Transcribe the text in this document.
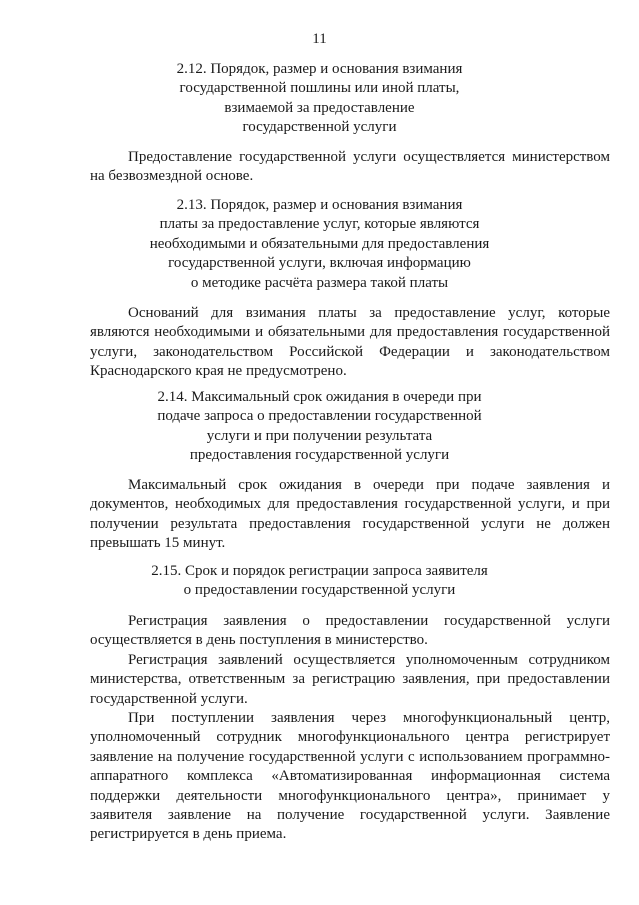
11
2.12. Порядок, размер и основания взимания
государственной пошлины или иной платы,
взимаемой за предоставление
государственной услуги

Предоставление государственной услуги осуществляется министерством на безвозмездной основе.

2.13. Порядок, размер и основания взимания
платы за предоставление услуг, которые являются
необходимыми и обязательными для предоставления
государственной услуги, включая информацию
о методике расчёта размера такой платы

Оснований для взимания платы за предоставление услуг, которые являются необходимыми и обязательными для предоставления государственной услуги, законодательством Российской Федерации и законодательством Краснодарского края не предусмотрено.

2.14. Максимальный срок ожидания в очереди при
подаче запроса о предоставлении государственной
услуги и при получении результата
предоставления государственной услуги

Максимальный срок ожидания в очереди при подаче заявления и документов, необходимых для предоставления государственной услуги, и при получении результата предоставления государственной услуги не должен превышать 15 минут.

2.15. Срок и порядок регистрации запроса заявителя
о предоставлении государственной услуги

Регистрация заявления о предоставлении государственной услуги осуществляется в день поступления в министерство.

Регистрация заявлений осуществляется уполномоченным сотрудником министерства, ответственным за регистрацию заявления, при предоставлении государственной услуги.

При поступлении заявления через многофункциональный центр, уполномоченный сотрудник многофункционального центра регистрирует заявление на получение государственной услуги с использованием программно-аппаратного комплекса «Автоматизированная информационная система поддержки деятельности многофункционального центра», принимает у заявителя заявление на получение государственной услуги. Заявление регистрируется в день приема.
